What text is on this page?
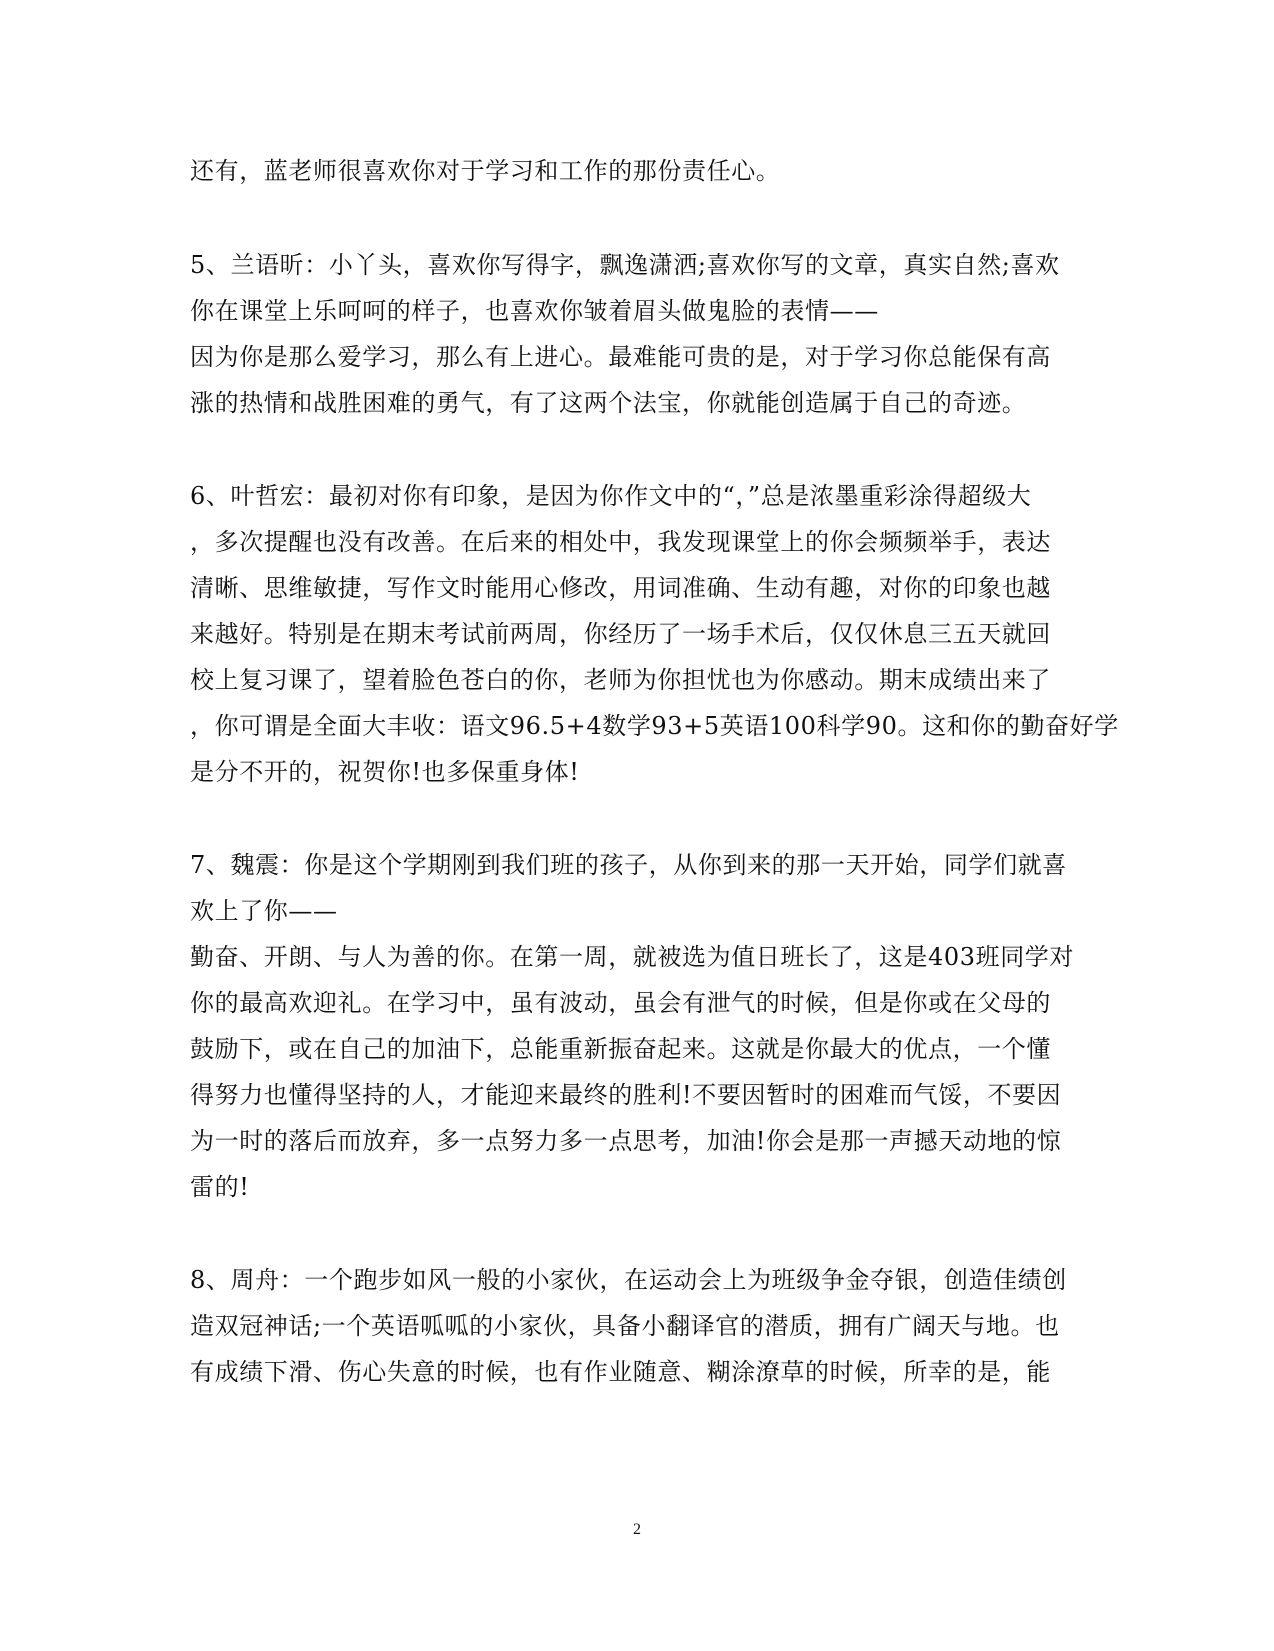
还有，蓝老师很喜欢你对于学习和工作的那份责任心。
5、兰语昕：小丫头，喜欢你写得字，飘逸潇洒;喜欢你写的文章，真实自然;喜欢
你在课堂上乐呵呵的样子，也喜欢你皱着眉头做鬼脸的表情——
因为你是那么爱学习，那么有上进心。最难能可贵的是，对于学习你总能保有高
涨的热情和战胜困难的勇气，有了这两个法宝，你就能创造属于自己的奇迹。
6、叶哲宏：最初对你有印象，是因为你作文中的“，”总是浓墨重彩涂得超级大
，多次提醒也没有改善。在后来的相处中，我发现课堂上的你会频频举手，表达
清晰、思维敏捷，写作文时能用心修改，用词准确、生动有趣，对你的印象也越
来越好。特别是在期末考试前两周，你经历了一场手术后，仅仅休息三五天就回
校上复习课了，望着脸色苍白的你，老师为你担忧也为你感动。期末成绩出来了
，你可谓是全面大丰收：语文96.5+4数学93+5英语100科学90。这和你的勤奋好学
是分不开的，祝贺你!也多保重身体!
7、魏震：你是这个学期刚到我们班的孩子，从你到来的那一天开始，同学们就喜
欢上了你——
勤奋、开朗、与人为善的你。在第一周，就被选为值日班长了，这是403班同学对
你的最高欢迎礼。在学习中，虽有波动，虽会有泄气的时候，但是你或在父母的
鼓励下，或在自己的加油下，总能重新振奋起来。这就是你最大的优点，一个懂
得努力也懂得坚持的人，才能迎来最终的胜利!不要因暂时的困难而气馁，不要因
为一时的落后而放弃，多一点努力多一点思考，加油!你会是那一声撼天动地的惊
雷的!
8、周舟：一个跑步如风一般的小家伙，在运动会上为班级争金夺银，创造佳绩创
造双冠神话;一个英语呱呱的小家伙，具备小翻译官的潜质，拥有广阔天与地。也
有成绩下滑、伤心失意的时候，也有作业随意、糊涂潦草的时候，所幸的是，能
2
